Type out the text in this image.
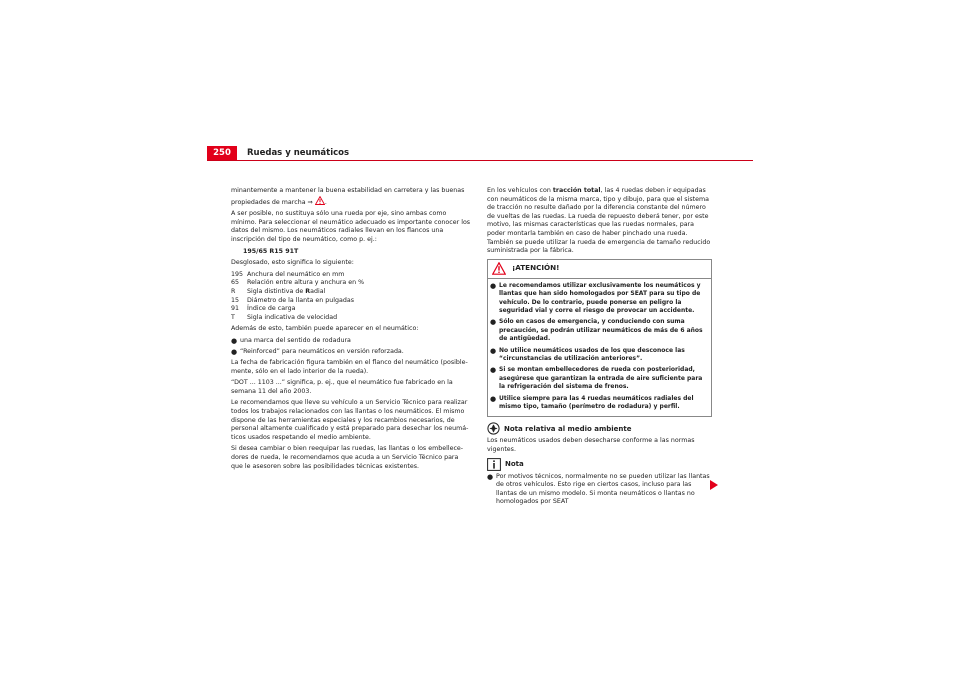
250	Ruedas y neumáticos

minantemente a mantener la buena estabilidad en carretera y las buenas propiedades de marcha ⇒ .

A ser posible, no sustituya sólo una rueda por eje, sino ambas como mínimo. Para seleccionar el neumático adecuado es importante conocer los datos del mismo. Los neumáticos radiales llevan en los flancos una inscripción del tipo de neumático, como p. ej.:

195/65 R15 91T

Desglosado, esto significa lo siguiente:

195 Anchura del neumático en mm
65	Relación entre altura y anchura en %
R	Sigla distintiva de Radial
15	Diámetro de la llanta en pulgadas
91	Índice de carga
T	Sigla indicativa de velocidad

Además de esto, también puede aparecer en el neumático:

● una marca del sentido de rodadura
● “Reinforced” para neumáticos en versión reforzada.

La fecha de fabricación figura también en el flanco del neumático (posible-mente, sólo en el lado interior de la rueda).

“DOT ... 1103 ...” significa, p. ej., que el neumático fue fabricado en la semana 11 del año 2003.

Le recomendamos que lleve su vehículo a un Servicio Técnico para realizar todos los trabajos relacionados con las llantas o los neumáticos. El mismo dispone de las herramientas especiales y los recambios necesarios, de personal altamente cualificado y está preparado para desechar los neumá-ticos usados respetando el medio ambiente.

Si desea cambiar o bien reequipar las ruedas, las llantas o los embellece-dores de rueda, le recomendamos que acuda a un Servicio Técnico para que le asesoren sobre las posibilidades técnicas existentes.

En los vehículos con tracción total, las 4 ruedas deben ir equipadas con neumáticos de la misma marca, tipo y dibujo, para que el sistema de tracción no resulte dañado por la diferencia constante del número de vueltas de las ruedas. La rueda de repuesto deberá tener, por este motivo, las mismas características que las ruedas normales, para poder montarla también en caso de haber pinchado una rueda. También se puede utilizar la rueda de emergencia de tamaño reducido suministrada por la fábrica.

¡ATENCIÓN!
● Le recomendamos utilizar exclusivamente los neumáticos y llantas que han sido homologados por SEAT para su tipo de vehículo. De lo contrario, puede ponerse en peligro la seguridad vial y corre el riesgo de provocar un accidente.
● Sólo en casos de emergencia, y conduciendo con suma precaución, se podrán utilizar neumáticos de más de 6 años de antigüedad.
● No utilice neumáticos usados de los que desconoce las “circunstancias de utilización anteriores”.
● Si se montan embellecedores de rueda con posterioridad, asegúrese que garantizan la entrada de aire suficiente para la refrigeración del sistema de frenos.
● Utilice siempre para las 4 ruedas neumáticos radiales del mismo tipo, tamaño (perímetro de rodadura) y perfil.
Nota relativa al medio ambiente

Los neumáticos usados deben desecharse conforme a las normas vigentes.

Nota
● Por motivos técnicos, normalmente no se pueden utilizar las llantas de otros vehículos. Esto rige en ciertos casos, incluso para las llantas de un mismo modelo. Si monta neumáticos o llantas no homologados por SEAT
